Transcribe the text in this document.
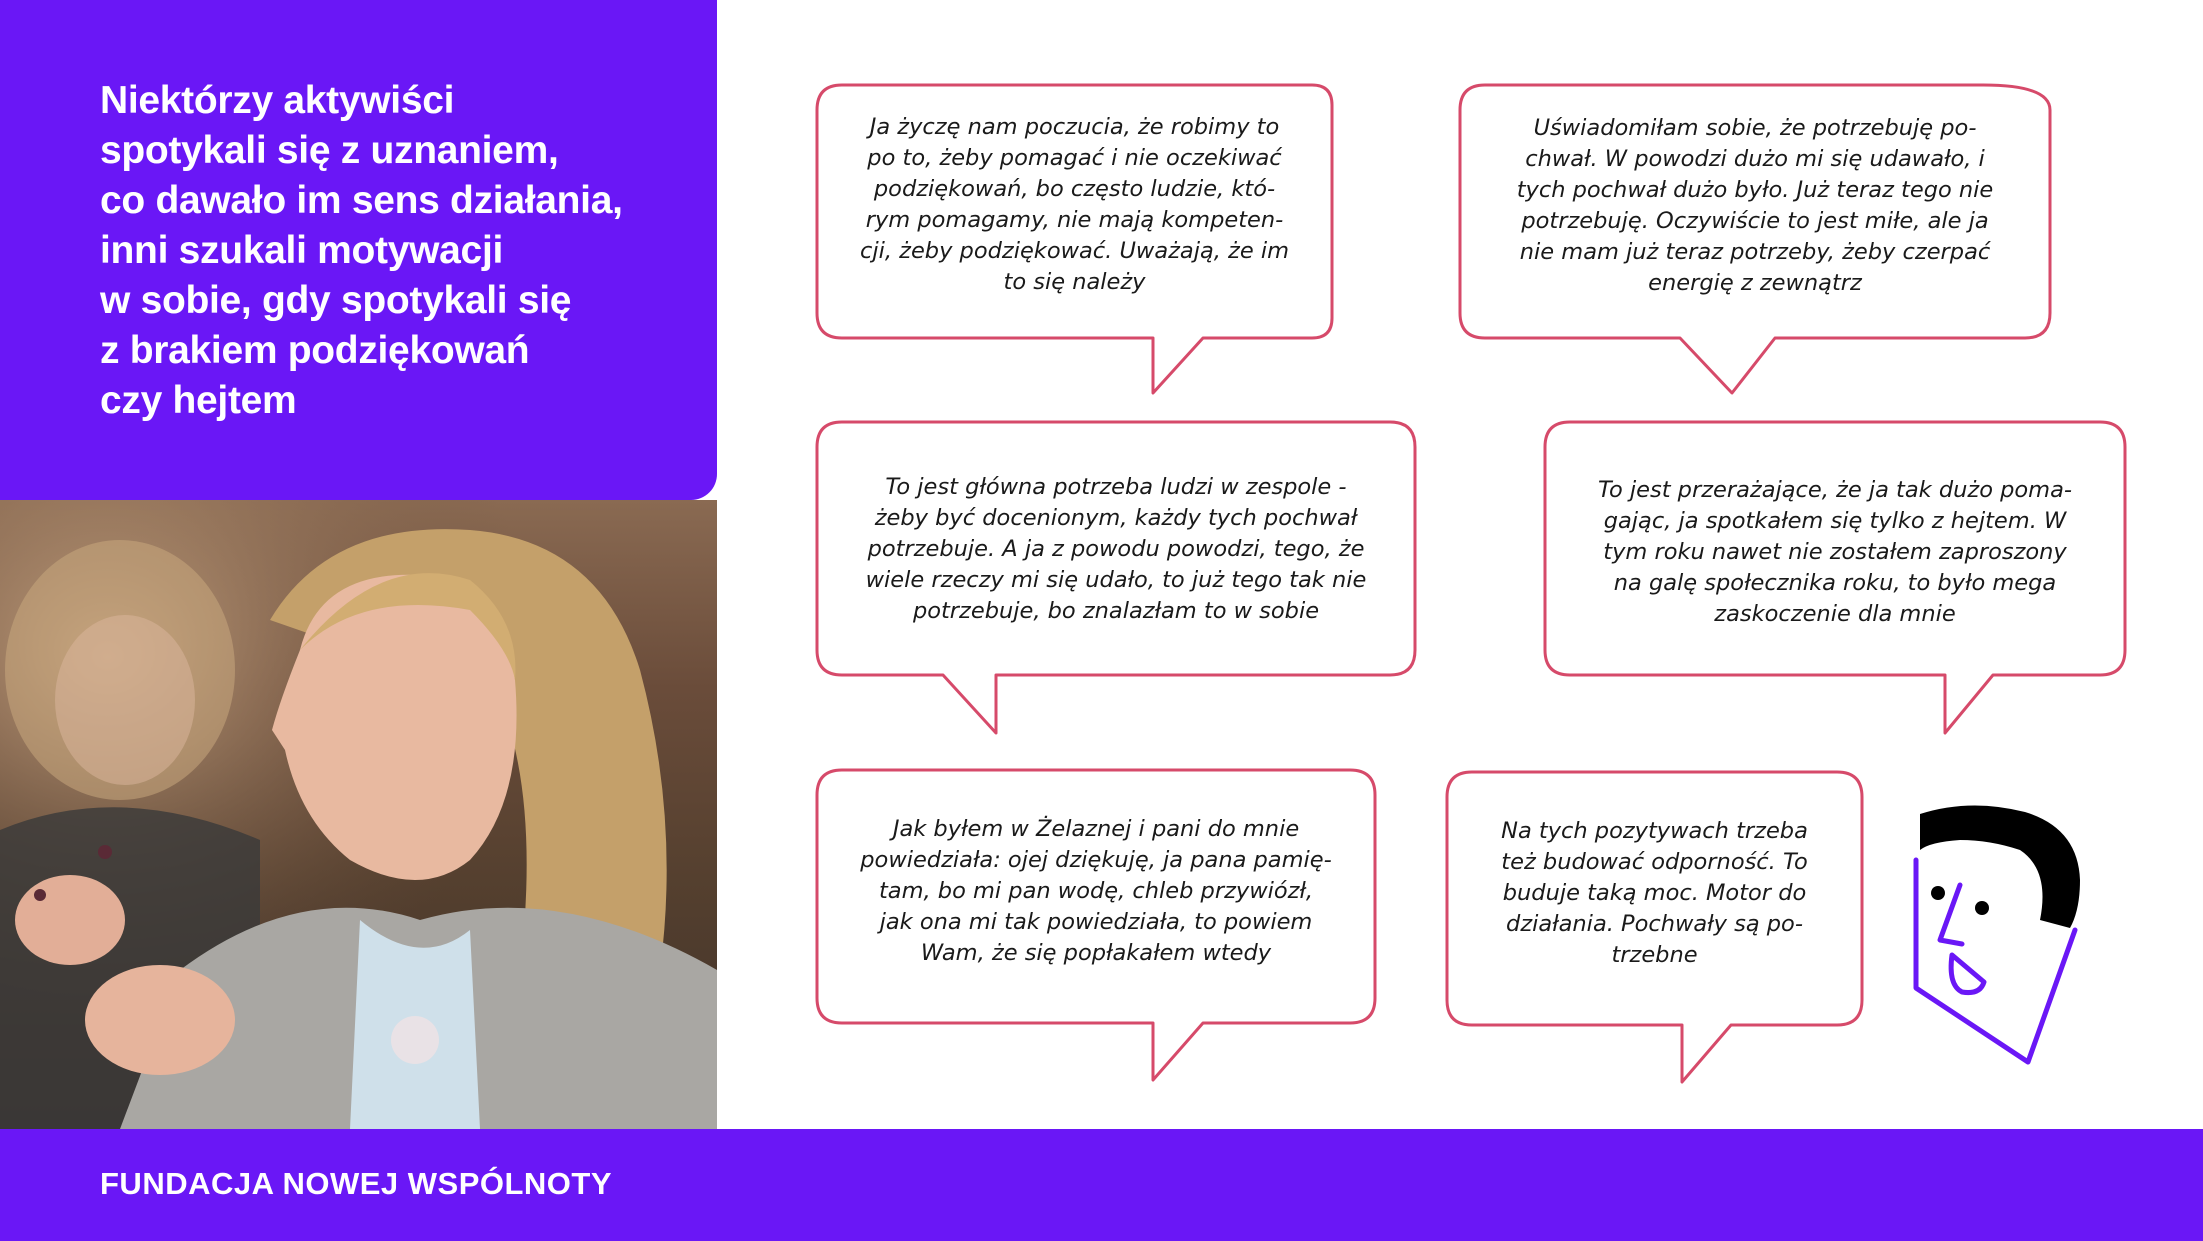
Niektórzy aktywiści
spotykali się z uznaniem,
co dawało im sens działania,
inni szukali motywacji
w sobie, gdy spotykali się
z brakiem podziękowań
czy hejtem

Ja życzę nam poczucia, że robimy to
po to, żeby pomagać i nie oczekiwać
podziękowań, bo często ludzie, któ-
rym pomagamy, nie mają kompeten-
cji, żeby podziękować. Uważają, że im
to się należy

Uświadomiłam sobie, że potrzebuję po-
chwał. W powodzi dużo mi się udawało, i
tych pochwał dużo było. Już teraz tego nie
potrzebuję. Oczywiście to jest miłe, ale ja
nie mam już teraz potrzeby, żeby czerpać
energię z zewnątrz

To jest główna potrzeba ludzi w zespole -
żeby być docenionym, każdy tych pochwał
potrzebuje. A ja z powodu powodzi, tego, że
wiele rzeczy mi się udało, to już tego tak nie
potrzebuje, bo znalazłam to w sobie

To jest przerażające, że ja tak dużo poma-
gając, ja spotkałem się tylko z hejtem. W
tym roku nawet nie zostałem zaproszony
na galę społecznika roku, to było mega
zaskoczenie dla mnie

Jak byłem w Żelaznej i pani do mnie
powiedziała: ojej dziękuję, ja pana pamię-
tam, bo mi pan wodę, chleb przywiózł,
jak ona mi tak powiedziała, to powiem
Wam, że się popłakałem wtedy

Na tych pozytywach trzeba
też budować odporność. To
buduje taką moc. Motor do
działania. Pochwały są po-
trzebne

FUNDACJA NOWEJ WSPÓLNOTY
